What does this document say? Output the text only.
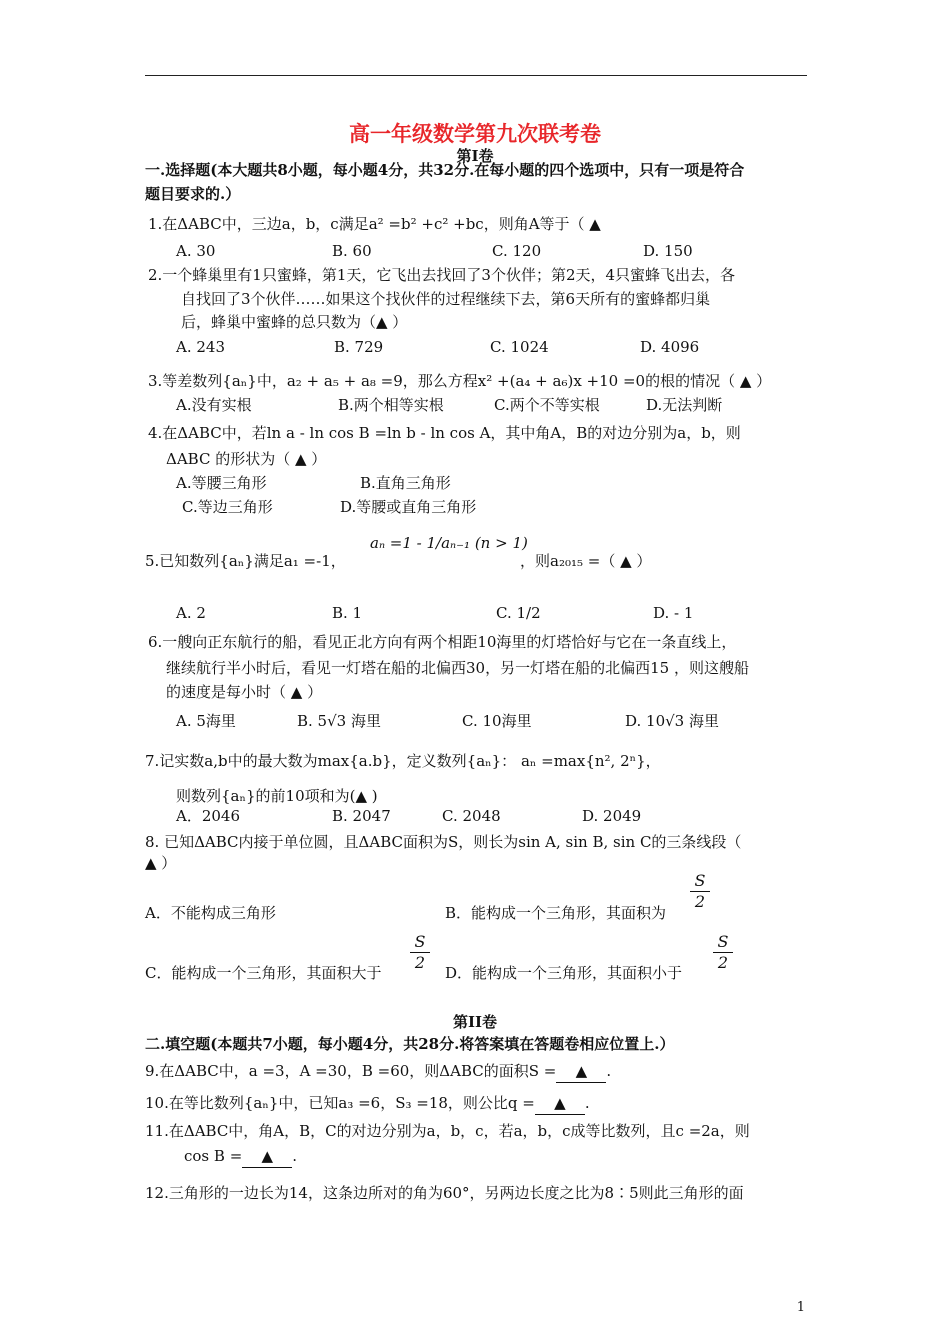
高一年级数学第九次联考卷
第I卷
一.选择题(本大题共8小题，每小题4分，共32分.在每小题的四个选项中，只有一项是符合
题目要求的.）
1.在ΔABC中，三边a，b，c满足a² =b² +c² +bc，则角A等于（ ▲
A. 30	B. 60	C. 120	D. 150
2.一个蜂巢里有1只蜜蜂，第1天，它飞出去找回了3个伙伴；第2天，4只蜜蜂飞出去，各
自找回了3个伙伴……如果这个找伙伴的过程继续下去，第6天所有的蜜蜂都归巢
后，蜂巢中蜜蜂的总只数为（▲ ）
A. 243	B. 729	C. 1024	D. 4096
3.等差数列{aₙ}中，a₂ + a₅ + a₈ =9，那么方程x² +(a₄ + a₆)x +10 =0的根的情况（ ▲ ）
A.没有实根	B.两个相等实根	C.两个不等实根	D.无法判断
4.在ΔABC中，若ln a - ln cos B =ln b - ln cos A，其中角A，B的对边分别为a，b，则
ΔABC 的形状为（ ▲ ）
A.等腰三角形	B.直角三角形
C.等边三角形	D.等腰或直角三角形
5.已知数列{aₙ}满足a₁ =-1，
aₙ =1 - 1/aₙ₋₁ (n > 1)
，则a₂₀₁₅ =（ ▲ ）
A. 2	B. 1	C. 1/2	D. - 1
6.一艘向正东航行的船，看见正北方向有两个相距10海里的灯塔恰好与它在一条直线上，
继续航行半小时后，看见一灯塔在船的北偏西30，另一灯塔在船的北偏西15 ，则这艘船
的速度是每小时（ ▲ ）
A. 5海里	B. 5√3 海里	C. 10海里	D. 10√3 海里
7.记实数a,b中的最大数为max{a.b}，定义数列{aₙ}： aₙ =max{n², 2ⁿ}，
则数列{aₙ}的前10项和为(▲ )
A．2046	B. 2047	C. 2048	D. 2049
8. 已知ΔABC内接于单位圆，且ΔABC面积为S，则长为sin A, sin B, sin C的三条线段（
▲ ）
A．不能构成三角形	B．能构成一个三角形，其面积为
$\frac{S}{2}$
C．能构成一个三角形，其面积大于 $\frac{S}{2}$ D．能构成一个三角形，其面积小于 $\frac{S}{2}$
第II卷
二.填空题(本题共7小题，每小题4分，共28分.将答案填在答题卷相应位置上.）
9.在ΔABC中，a =3，A =30，B =60，则ΔABC的面积S = ▲ .
10.在等比数列{aₙ}中，已知a₃ =6，S₃ =18，则公比q = ▲ .
11.在ΔABC中，角A，B，C的对边分别为a，b，c，若a，b，c成等比数列，且c =2a，则
cos B = ▲ .
12.三角形的一边长为14，这条边所对的角为60°，另两边长度之比为8∶5则此三角形的面
1
